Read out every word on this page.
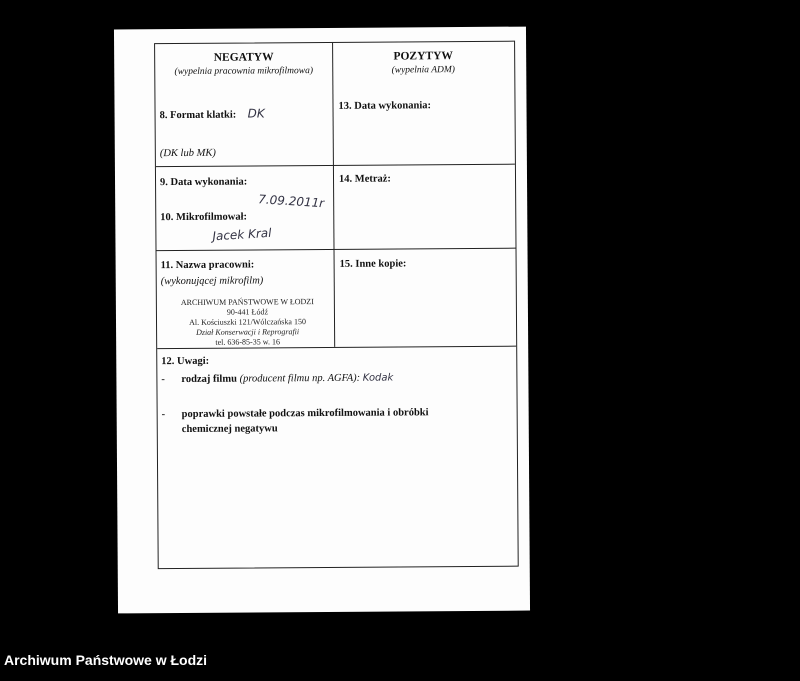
NEGATYW
(wypelnia pracownia mikrofilmowa)
POZYTYW
(wypelnia ADM)
8. Format klatki: DK
(DK lub MK)
13. Data wykonania:
9. Data wykonania:
7.09.2011r
10. Mikrofilmował:
Jacek Kral
14. Metraż:
11. Nazwa pracowni:
(wykonującej mikrofilm)
ARCHIWUM PAŃSTWOWE W ŁODZI
90-441 Łódź
Al. Kościuszki 121/Wólczańska 150
Dział Konserwacji i Reprografii
tel. 636-85-35 w. 16
15. Inne kopie:
12. Uwagi:
- rodzaj filmu (producent filmu np. AGFA): Kodak
- poprawki powstałe podczas mikrofilmowania i obróbki
chemicznej negatywu
Archiwum Państwowe w Łodzi
